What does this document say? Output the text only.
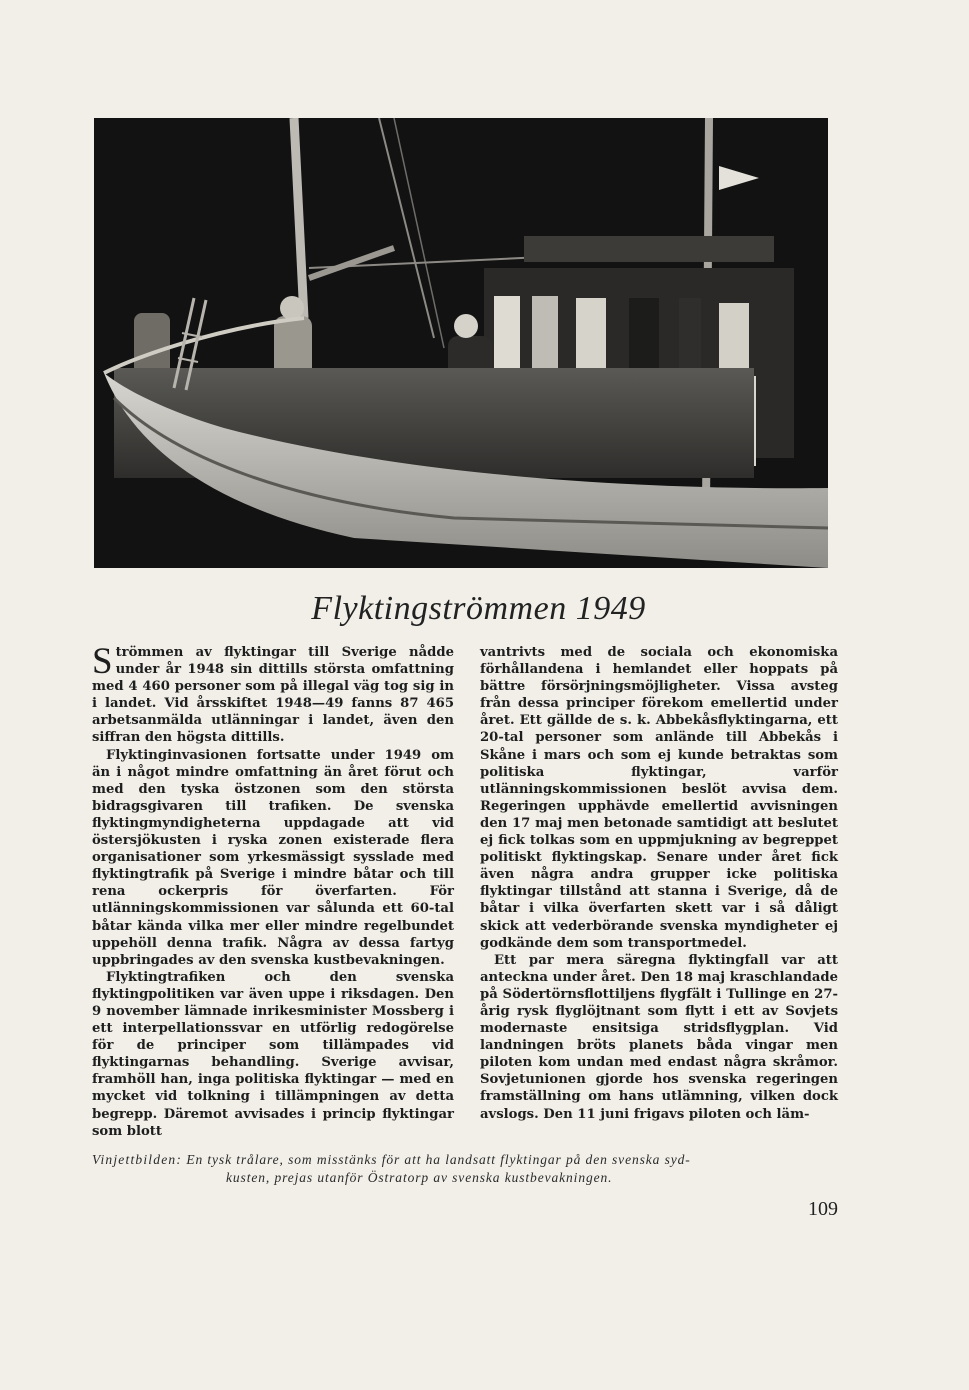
Flyktingströmmen 1949

Strömmen av flyktingar till Sverige nådde under år 1948 sin dittills största omfattning med 4 460 personer som på illegal väg tog sig in i landet. Vid årsskiftet 1948—49 fanns 87 465 arbetsanmälda utlänningar i landet, även den siffran den högsta dittills.

Flyktinginvasionen fortsatte under 1949 om än i något mindre omfattning än året förut och med den tyska östzonen som den största bidragsgivaren till trafiken. De svenska flyktingmyndigheterna uppdagade att vid östersjökusten i ryska zonen existerade flera organisationer som yrkesmässigt sysslade med flyktingtrafik på Sverige i mindre båtar och till rena ockerpris för överfarten. För utlänningskommissionen var sålunda ett 60-tal båtar kända vilka mer eller mindre regelbundet uppehöll denna trafik. Några av dessa fartyg uppbringades av den svenska kustbevakningen.

Flyktingtrafiken och den svenska flyktingpolitiken var även uppe i riksdagen. Den 9 november lämnade inrikesminister Mossberg i ett interpellationssvar en utförlig redogörelse för de principer som tillämpades vid flyktingarnas behandling. Sverige avvisar, framhöll han, inga politiska flyktingar — med en mycket vid tolkning i tillämpningen av detta begrepp. Däremot avvisades i princip flyktingar som blott

vantrivts med de sociala och ekonomiska förhållandena i hemlandet eller hoppats på bättre försörjningsmöjligheter. Vissa avsteg från dessa principer förekom emellertid under året. Ett gällde de s. k. Abbekåsflyktingarna, ett 20-tal personer som anlände till Abbekås i Skåne i mars och som ej kunde betraktas som politiska flyktingar, varför utlänningskommissionen beslöt avvisa dem. Regeringen upphävde emellertid avvisningen den 17 maj men betonade samtidigt att beslutet ej fick tolkas som en uppmjukning av begreppet politiskt flyktingskap. Senare under året fick även några andra grupper icke politiska flyktingar tillstånd att stanna i Sverige, då de båtar i vilka överfarten skett var i så dåligt skick att vederbörande svenska myndigheter ej godkände dem som transportmedel.

Ett par mera säregna flyktingfall var att anteckna under året. Den 18 maj kraschlandade på Södertörnsflottiljens flygfält i Tullinge en 27-årig rysk flyglöjtnant som flytt i ett av Sovjets modernaste ensitsiga stridsflygplan. Vid landningen bröts planets båda vingar men piloten kom undan med endast några skråmor. Sovjetunionen gjorde hos svenska regeringen framställning om hans utlämning, vilken dock avslogs. Den 11 juni frigavs piloten och läm-

Vinjettbilden: En tysk trålare, som misstänks för att ha landsatt flyktingar på den svenska syd-
kusten, prejas utanför Östratorp av svenska kustbevakningen.
109
